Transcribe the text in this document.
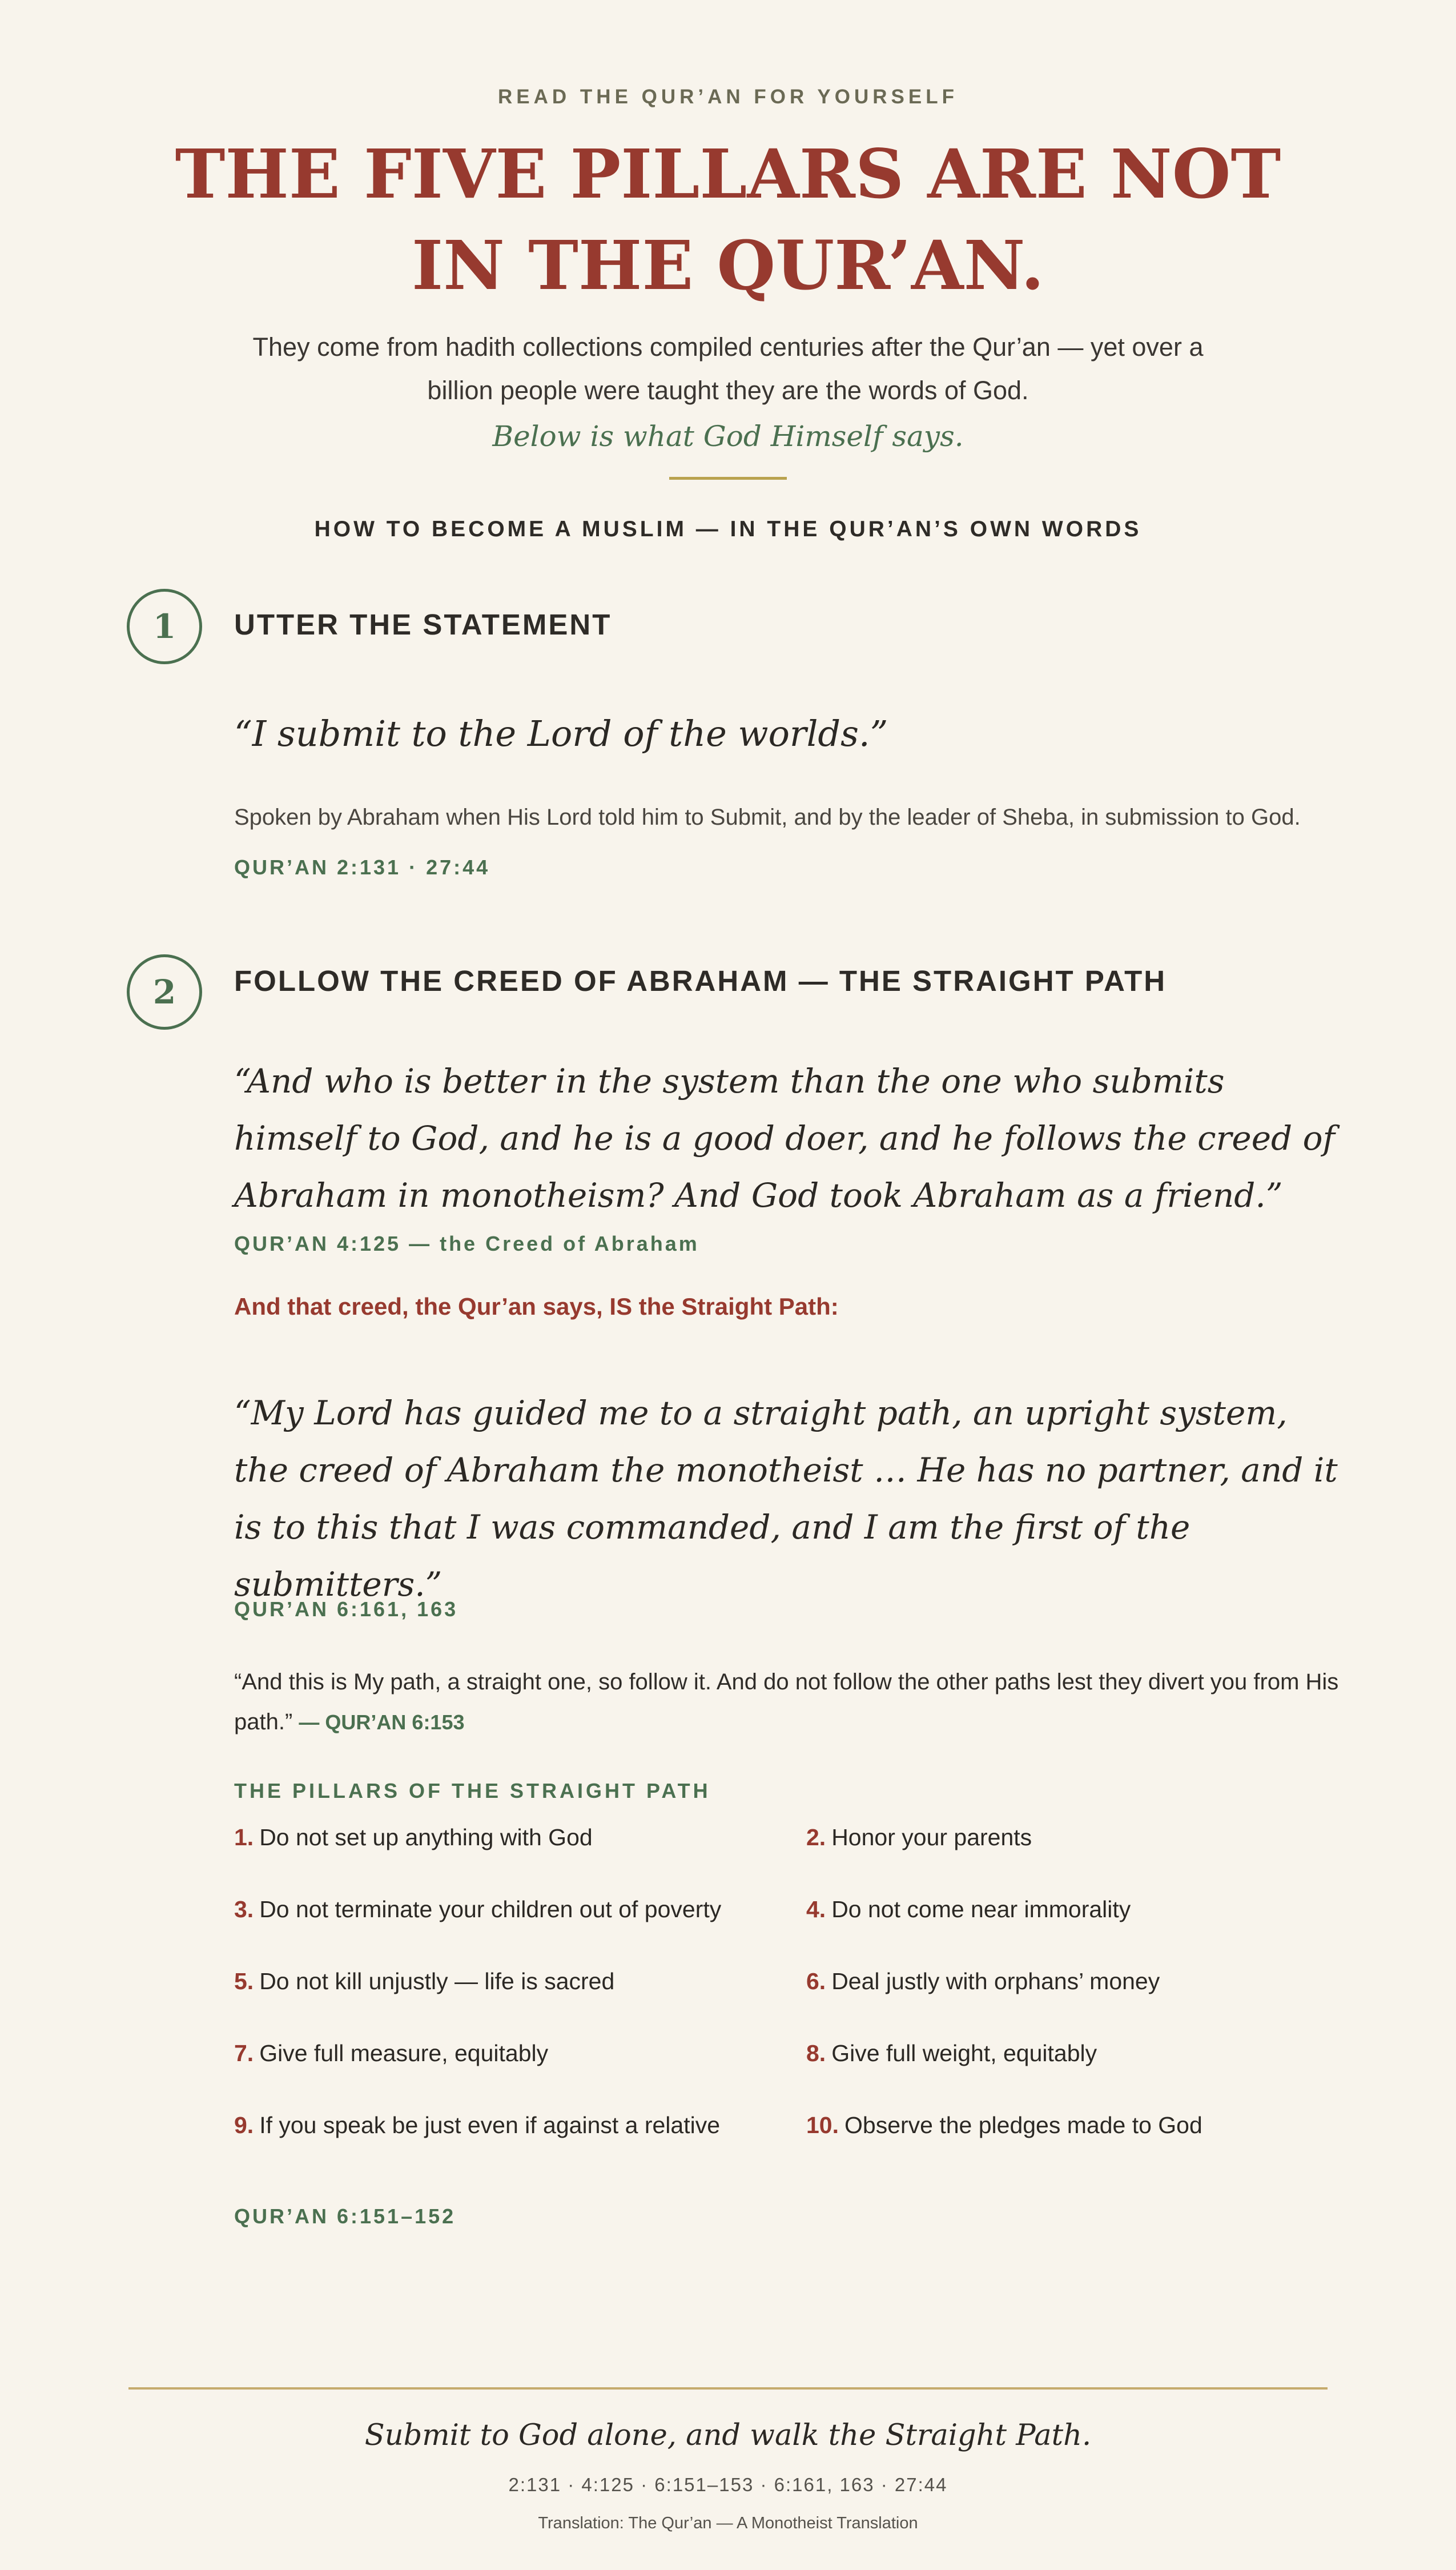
READ THE QUR’AN FOR YOURSELF
THE FIVE PILLARS ARE NOT
IN THE QUR’AN.
They come from hadith collections compiled centuries after the Qur’an — yet over a billion people were taught they are the words of God.
Below is what God Himself says.
HOW TO BECOME A MUSLIM — IN THE QUR’AN’S OWN WORDS
1	UTTER THE STATEMENT
“I submit to the Lord of the worlds.”
Spoken by Abraham when His Lord told him to Submit, and by the leader of Sheba, in submission to God.
QUR’AN 2:131 · 27:44
2	FOLLOW THE CREED OF ABRAHAM — THE STRAIGHT PATH
“And who is better in the system than the one who submits himself to God, and he is a good doer, and he follows the creed of Abraham in monotheism? And God took Abraham as a friend.”
QUR’AN 4:125 — the Creed of Abraham
And that creed, the Qur’an says, IS the Straight Path:
“My Lord has guided me to a straight path, an upright system, the creed of Abraham the monotheist … He has no partner, and it is to this that I was commanded, and I am the first of the submitters.”
QUR’AN 6:161, 163
“And this is My path, a straight one, so follow it. And do not follow the other paths lest they divert you from His path.” — QUR’AN 6:153
THE PILLARS OF THE STRAIGHT PATH
1. Do not set up anything with God	2. Honor your parents
3. Do not terminate your children out of poverty	4. Do not come near immorality
5. Do not kill unjustly — life is sacred	6. Deal justly with orphans’ money
7. Give full measure, equitably	8. Give full weight, equitably
9. If you speak be just even if against a relative	10. Observe the pledges made to God
QUR’AN 6:151–152
Submit to God alone, and walk the Straight Path.
2:131 · 4:125 · 6:151–153 · 6:161, 163 · 27:44
Translation: The Qur’an — A Monotheist Translation
